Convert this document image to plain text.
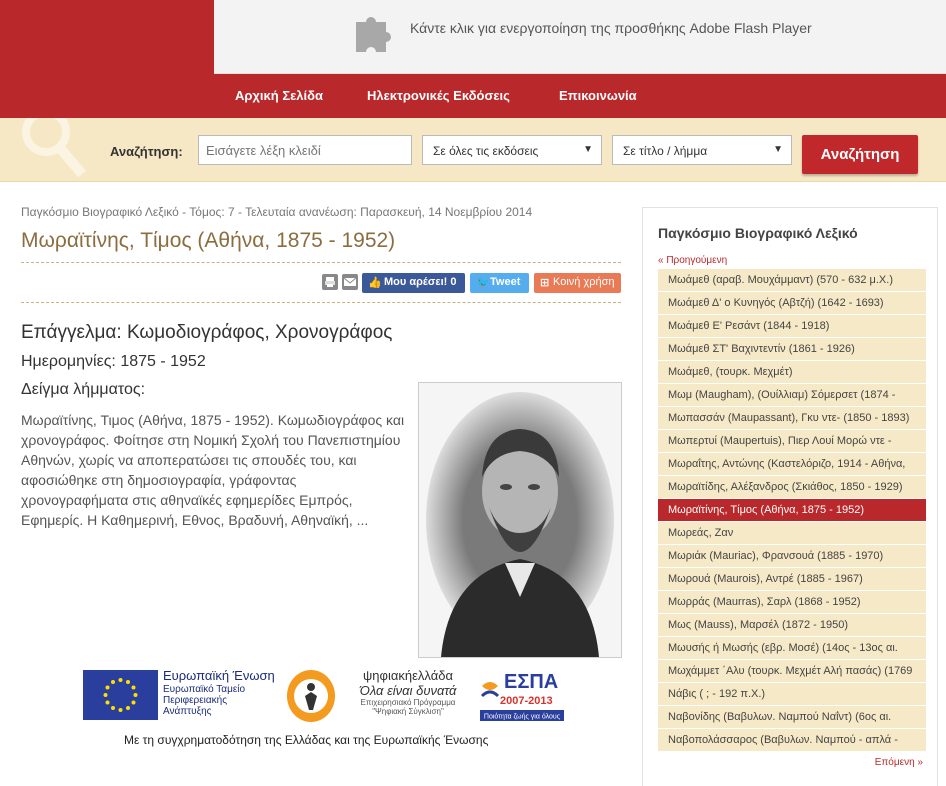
Κάντε κλικ για ενεργοποίηση της προσθήκης Adobe Flash Player
Αρχική Σελίδα	Ηλεκτρονικές Εκδόσεις	Επικοινωνία
Αναζήτηση:
Εισάγετε λέξη κλειδί	Σε όλες τις εκδόσεις	▼	Σε τίτλο / λήμμα	▼	Αναζήτηση
Παγκόσμιο Βιογραφικό Λεξικό - Τόμος: 7 - Τελευταία ανανέωση: Παρασκευή, 14 Νοεμβρίου 2014
Μωραϊτίνης, Τίμος (Αθήνα, 1875 - 1952)
👍 Μου αρέσει! 0	🐦 Tweet	⊞ Κοινή χρήση
Επάγγελμα: Κωμοδιογράφος, Χρονογράφος
Ημερομηνίες: 1875 - 1952
Δείγμα λήμματος:
Μωραϊτίνης, Τιμος (Αθήνα, 1875 - 1952). Κωμωδιογράφος και χρονογράφος. Φοίτησε στη Νομική Σχολή του Πανεπιστημίου Αθηνών, χωρίς να αποπερατώσει τις σπουδές του, και αφοσιώθηκε στη δημοσιογραφία, γράφοντας χρονογραφήματα στις αθηναϊκές εφημερίδες Εμπρός, Εφημερίς. Η Καθημερινή, Εθνος, Βραδυνή, Αθηναϊκή, ...
Ευρωπαϊκή Ένωση
Ευρωπαϊκό Ταμείο
Περιφερειακής
Ανάπτυξης
ψηφιακήελλάδα
Όλα είναι δυνατά
Επιχειρησιακό Πρόγραμμα
"Ψηφιακή Σύγκλιση"
ΕΣΠΑ
2007-2013
Ποιότητα ζωής για όλους
Με τη συγχρηματοδότηση της Ελλάδας και της Ευρωπαϊκής Ένωσης
Παγκόσμιο Βιογραφικό Λεξικό
« Προηγούμενη
Μωάμεθ (αραβ. Μουχάμμαντ) (570 - 632 μ.Χ.)
Μωάμεθ Δ' ο Κυνηγός (Αβτζή) (1642 - 1693)
Μωάμεθ Ε' Ρεσάντ (1844 - 1918)
Μωάμεθ ΣΤ' Βαχιντεντίν (1861 - 1926)
Μωάμεθ, (τουρκ. Μεχμέτ)
Μωμ (Maugham), (Ουίλλιαμ) Σόμερσετ (1874 -
Μωπασσάν (Maupassant), Γκυ ντε- (1850 - 1893)
Μωπερτυί (Maupertuis), Πιερ Λουί Μορώ ντε -
Μωραΐτης, Αντώνης (Καστελόριζο, 1914 - Αθήνα,
Μωραϊτίδης, Αλέξανδρος (Σκιάθος, 1850 - 1929)
Μωραϊτίνης, Τίμος (Αθήνα, 1875 - 1952)
Μωρεάς, Ζαν
Μωριάκ (Mauriac), Φρανσουά (1885 - 1970)
Μωρουά (Maurois), Αντρέ (1885 - 1967)
Μωρράς (Maurras), Σαρλ (1868 - 1952)
Μως (Mauss), Μαρσέλ (1872 - 1950)
Μωυσής ή Μωσής (εβρ. Μοσέ) (14ος - 13ος αι.
Μωχάμμετ ΄Αλυ (τουρκ. Μεχμέτ Αλή πασάς) (1769
Νάβις ( ; - 192 π.Χ.)
Ναβονίδης (Βαβυλων. Ναμπού Ναΐντ) (6ος αι.
Ναβοπολάσσαρος (Βαβυλων. Ναμπού - απλά -
Επόμενη »
